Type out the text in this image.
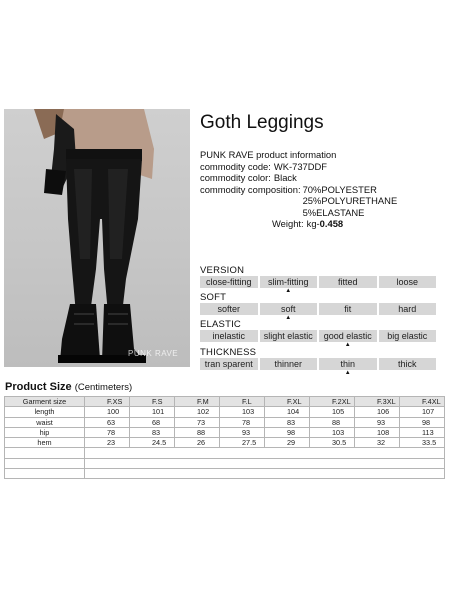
PUNK RAVE
Goth Leggings
PUNK RAVE product information
commodity code: WK-737DDF
commodity color: Black
commodity composition: 70%POLYESTER
25%POLYURETHANE
5%ELASTANE
Weight: kg-0.458
VERSION
close-fitting	slim-fitting	fitted	loose
▲
SOFT
softer	soft	fit	hard
▲
ELASTIC
inelastic	slight elastic	good elastic	big elastic
▲
THICKNESS
tran sparent	thinner	thin	thick
▲
Product Size (Centimeters)
Garment size	F.XS	F.S	F.M	F.L	F.XL	F.2XL	F.3XL	F.4XL
length	100	101	102	103	104	105	106	107
waist	63	68	73	78	83	88	93	98
hip	78	83	88	93	98	103	108	113
hem	23	24.5	26	27.5	29	30.5	32	33.5
